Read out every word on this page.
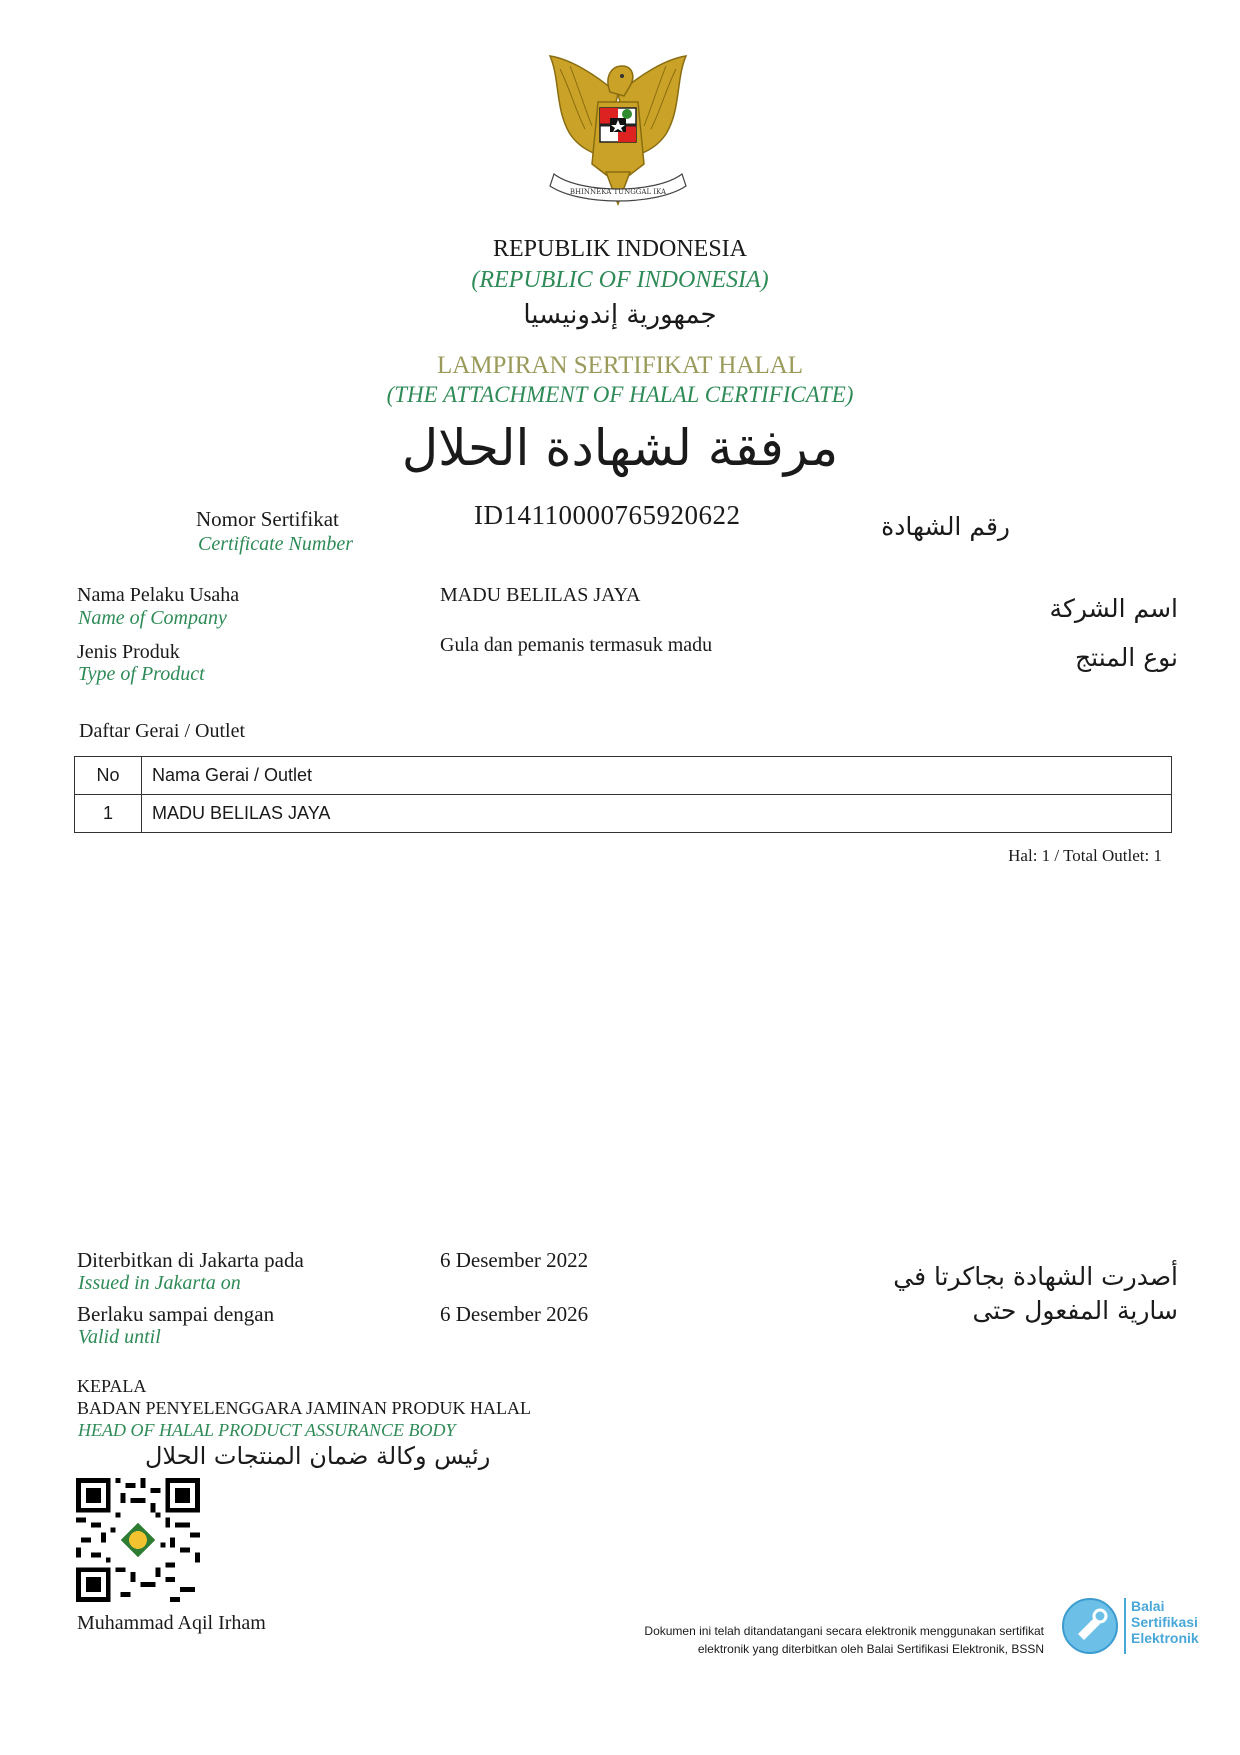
BHINNEKA TUNGGAL IKA
REPUBLIK INDONESIA
(REPUBLIC OF INDONESIA)
جمهورية إندونيسيا
LAMPIRAN SERTIFIKAT HALAL
(THE ATTACHMENT OF HALAL CERTIFICATE)
مرفقة لشهادة الحلال
Nomor Sertifikat
Certificate Number
ID14110000765920622	رقم الشهادة
Nama Pelaku Usaha
Name of Company
MADU BELILAS JAYA	اسم الشركة
Jenis Produk
Type of Product
Gula dan pemanis termasuk madu	نوع المنتج
Daftar Gerai / Outlet
No	Nama Gerai / Outlet
1	MADU BELILAS JAYA
Hal: 1 / Total Outlet: 1
Diterbitkan di Jakarta pada
Issued in Jakarta on
6 Desember 2022
أصدرت الشهادة بجاكرتا في
Berlaku sampai dengan
Valid until
6 Desember 2026	سارية المفعول حتى
KEPALA
BADAN PENYELENGGARA JAMINAN PRODUK HALAL
HEAD OF HALAL PRODUCT ASSURANCE BODY
رئيس وكالة ضمان المنتجات الحلال
Muhammad Aqil Irham	Dokumen ini telah ditandatangani secara elektronik menggunakan sertifikat
elektronik yang diterbitkan oleh Balai Sertifikasi Elektronik, BSSN
Balai
Sertifikasi
Elektronik
